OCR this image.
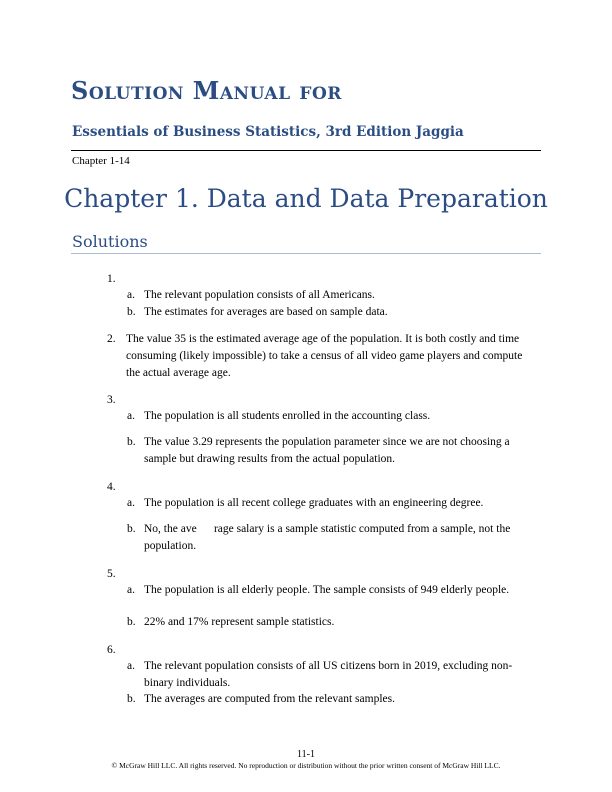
Solution Manual for
Essentials of Business Statistics, 3rd Edition Jaggia
Chapter 1-14
Chapter 1. Data and Data Preparation
Solutions
1.
a. The relevant population consists of all Americans.
b. The estimates for averages are based on sample data.
2. The value 35 is the estimated average age of the population. It is both costly and time consuming (likely impossible) to take a census of all video game players and compute the actual average age.
3.
a. The population is all students enrolled in the accounting class.
b. The value 3.29 represents the population parameter since we are not choosing a sample but drawing results from the actual population.
4.
a. The population is all recent college graduates with an engineering degree.
b. No, the ave      rage salary is a sample statistic computed from a sample, not the population.
5.
a. The population is all elderly people. The sample consists of 949 elderly people.
b. 22% and 17% represent sample statistics.
6.
a. The relevant population consists of all US citizens born in 2019, excluding non-binary individuals.
b. The averages are computed from the relevant samples.
11-1
© McGraw Hill LLC. All rights reserved. No reproduction or distribution without the prior written consent of McGraw Hill LLC.
